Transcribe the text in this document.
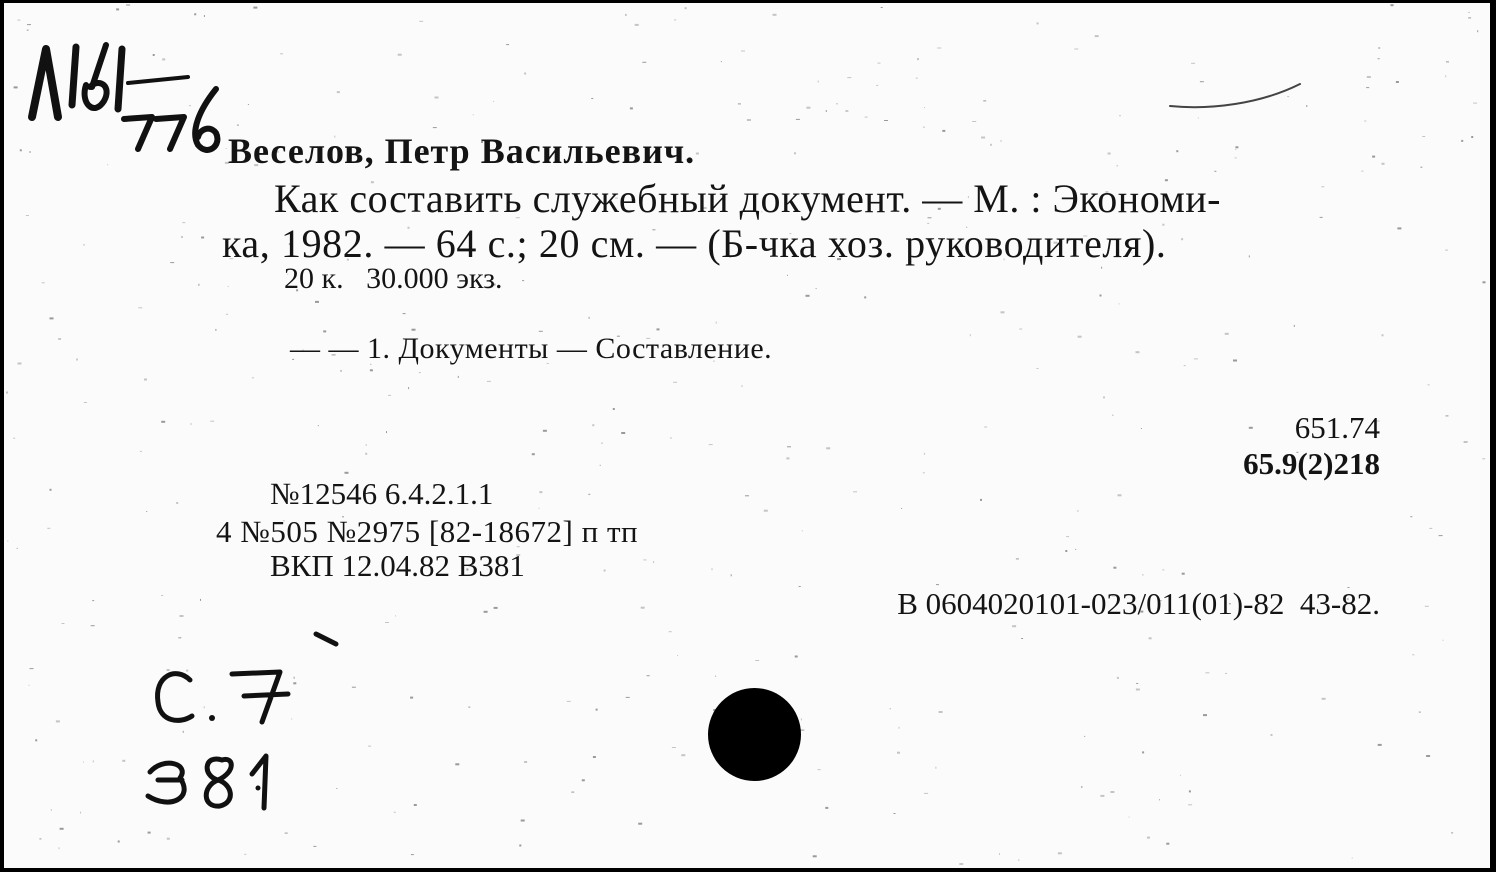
Веселов, Петр Васильевич.
Как составить служебный документ. — М. : Экономи-
ка, 1982. — 64 с.; 20 см. — (Б-чка хоз. руководителя).
20 к.   30.000 экз.
— — 1. Документы — Составление.
651.74
65.9(2)218
№12546 6.4.2.1.1
4 №505 №2975 [82-18672] п тп
ВКП 12.04.82 В381
В 0604020101-023/011(01)-82  43-82.
